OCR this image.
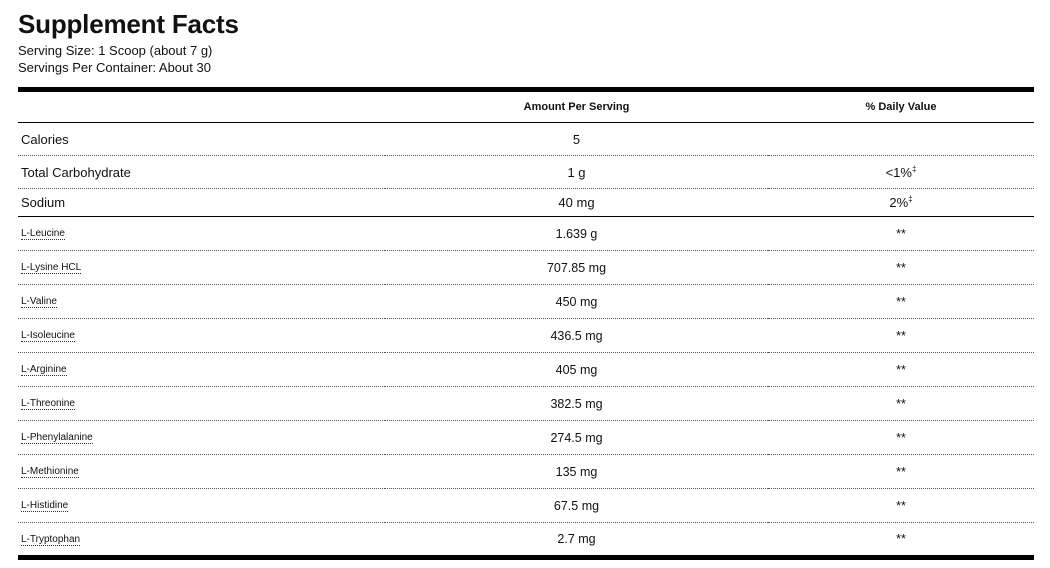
Supplement Facts
Serving Size: 1 Scoop (about 7 g)
Servings Per Container: About 30
	Amount Per Serving	% Daily Value
Calories	5	
Total Carbohydrate	1 g	<1%‡
Sodium	40 mg	2%‡
L-Leucine	1.639 g	**
L-Lysine HCL	707.85 mg	**
L-Valine	450 mg	**
L-Isoleucine	436.5 mg	**
L-Arginine	405 mg	**
L-Threonine	382.5 mg	**
L-Phenylalanine	274.5 mg	**
L-Methionine	135 mg	**
L-Histidine	67.5 mg	**
L-Tryptophan	2.7 mg	**
